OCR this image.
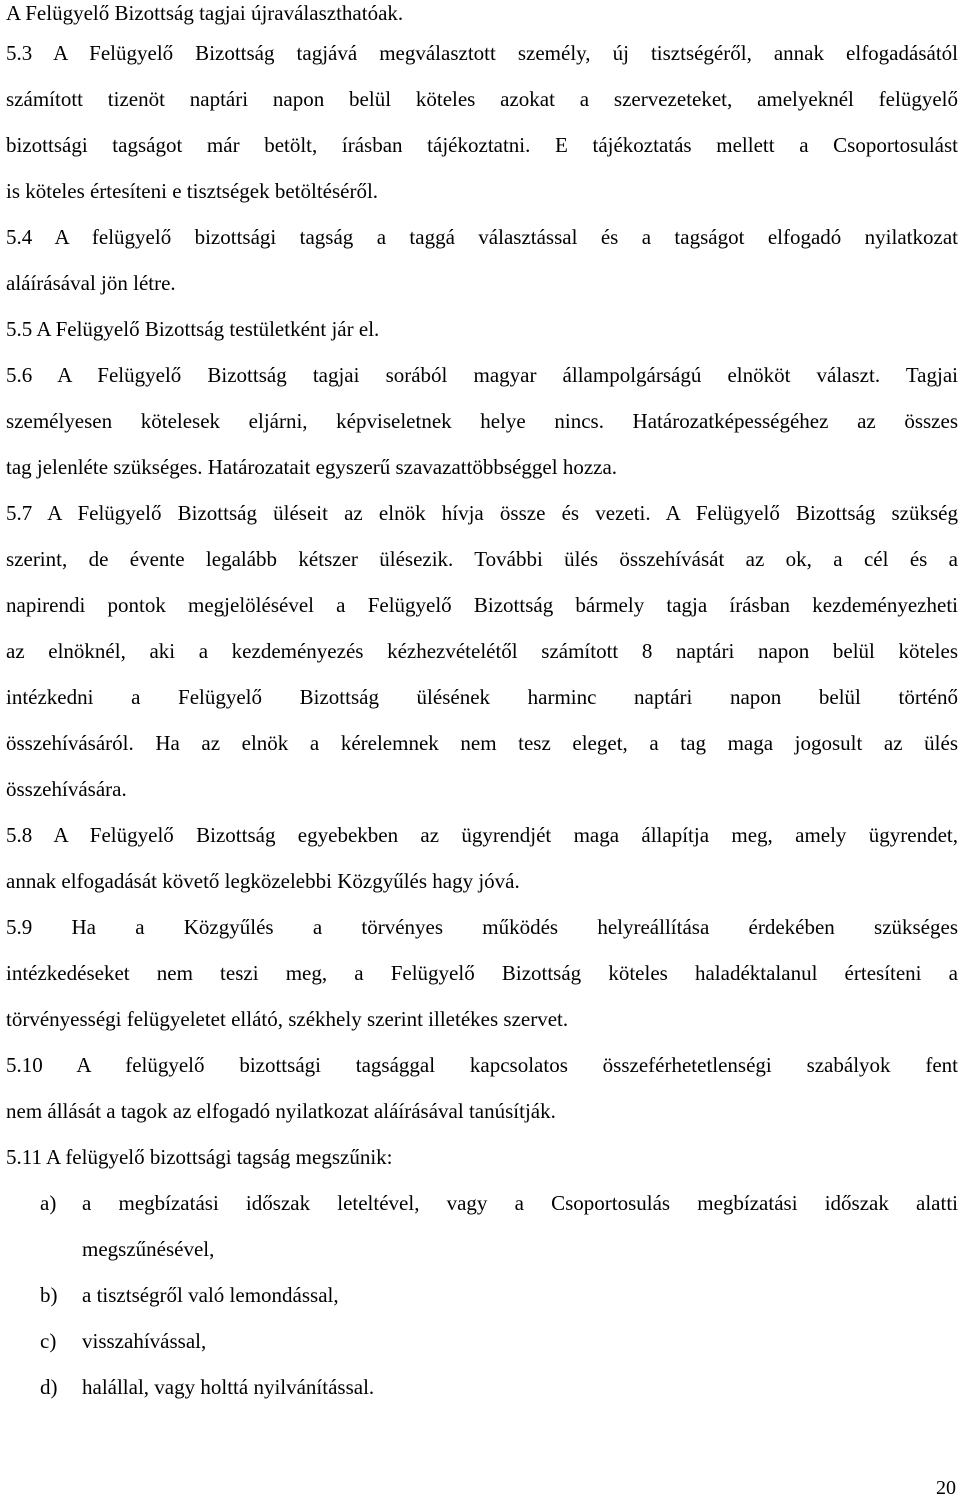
A Felügyelő Bizottság tagjai újraválaszthatóak.
5.3 A Felügyelő Bizottság tagjává megválasztott személy, új tisztségéről, annak elfogadásától
számított tizenöt naptári napon belül köteles azokat a szervezeteket, amelyeknél felügyelő
bizottsági tagságot már betölt, írásban tájékoztatni. E tájékoztatás mellett a Csoportosulást
is köteles értesíteni e tisztségek betöltéséről.
5.4 A felügyelő bizottsági tagság a taggá választással és a tagságot elfogadó nyilatkozat
aláírásával jön létre.
5.5 A Felügyelő Bizottság testületként jár el.
5.6 A Felügyelő Bizottság tagjai sorából magyar állampolgárságú elnököt választ. Tagjai
személyesen kötelesek eljárni, képviseletnek helye nincs. Határozatképességéhez az összes
tag jelenléte szükséges. Határozatait egyszerű szavazattöbbséggel hozza.
5.7 A Felügyelő Bizottság üléseit az elnök hívja össze és vezeti. A Felügyelő Bizottság szükség
szerint, de évente legalább kétszer ülésezik. További ülés összehívását az ok, a cél és a
napirendi pontok megjelölésével a Felügyelő Bizottság bármely tagja írásban kezdeményezheti
az elnöknél, aki a kezdeményezés kézhezvételétől számított 8 naptári napon belül köteles
intézkedni a Felügyelő Bizottság ülésének harminc naptári napon belül történő
összehívásáról. Ha az elnök a kérelemnek nem tesz eleget, a tag maga jogosult az ülés
összehívására.
5.8 A Felügyelő Bizottság egyebekben az ügyrendjét maga állapítja meg, amely ügyrendet,
annak elfogadását követő legközelebbi Közgyűlés hagy jóvá.
5.9 Ha a Közgyűlés a törvényes működés helyreállítása érdekében szükséges
intézkedéseket nem teszi meg, a Felügyelő Bizottság köteles haladéktalanul értesíteni a
törvényességi felügyeletet ellátó, székhely szerint illetékes szervet.
5.10 A felügyelő bizottsági tagsággal kapcsolatos összeférhetetlenségi szabályok fent
nem állását a tagok az elfogadó nyilatkozat aláírásával tanúsítják.
5.11 A felügyelő bizottsági tagság megszűnik:
a) a megbízatási időszak leteltével, vagy a Csoportosulás megbízatási időszak alatti
megszűnésével,
b) a tisztségről való lemondással,
c) visszahívással,
d) halállal, vagy holttá nyilvánítással.
20
